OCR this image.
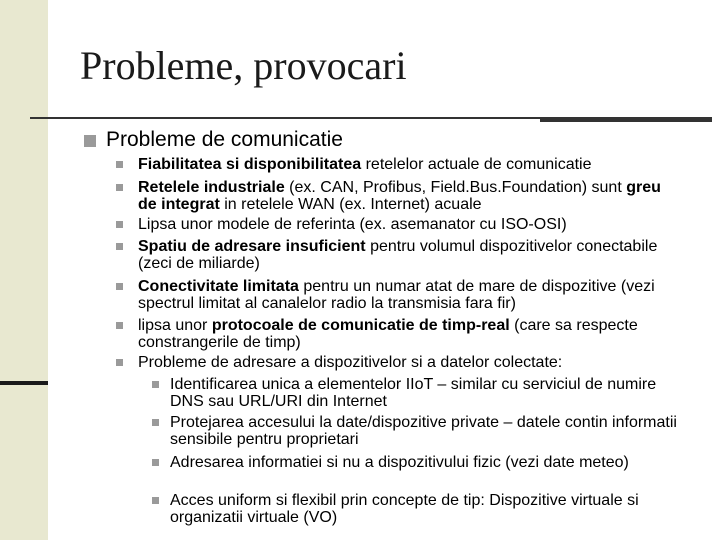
Probleme, provocari
Probleme de comunicatie
Fiabilitatea si disponibilitatea retelelor actuale de comunicatie
Retelele industriale (ex. CAN, Profibus, Field.Bus.Foundation) sunt greu de integrat in retelele WAN (ex. Internet) acuale
Lipsa unor modele de referinta (ex. asemanator cu ISO-OSI)
Spatiu de adresare insuficient pentru volumul dispozitivelor conectabile (zeci de miliarde)
Conectivitate limitata pentru un numar atat de mare de dispozitive (vezi spectrul limitat al canalelor radio la transmisia fara fir)
lipsa unor protocoale de comunicatie de timp-real (care sa respecte constrangerile de timp)
Probleme de adresare a dispozitivelor si a datelor colectate:
Identificarea unica a elementelor IIoT – similar cu serviciul de numire DNS sau URL/URI din Internet
Protejarea accesului la date/dispozitive private – datele contin informatii sensibile pentru proprietari
Adresarea informatiei si nu a dispozitivului fizic (vezi date meteo)
Acces uniform si flexibil prin concepte de tip: Dispozitive virtuale si organizatii virtuale (VO)
